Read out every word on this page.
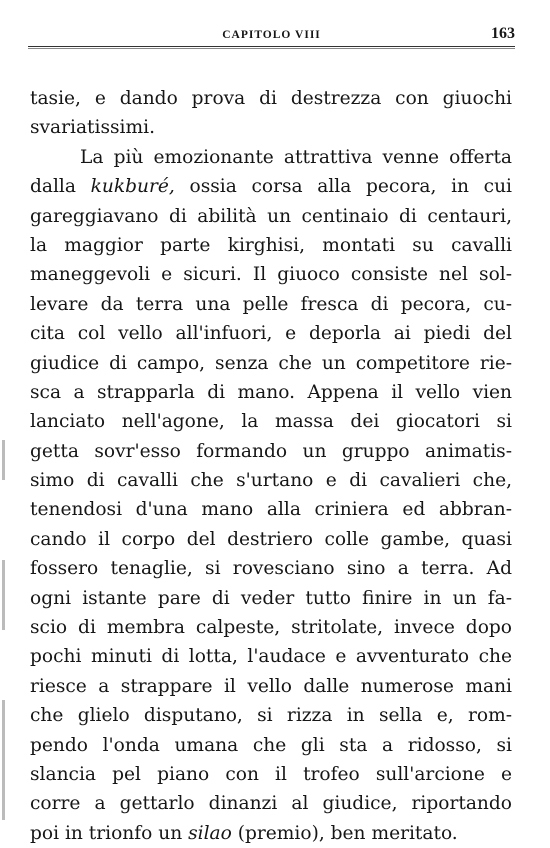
CAPITOLO VIII	163
tasie, e dando prova di destrezza con giuochi
svariatissimi.
La più emozionante attrattiva venne offerta
dalla kukburé, ossia corsa alla pecora, in cui
gareggiavano di abilità un centinaio di centauri,
la maggior parte kirghisi, montati su cavalli
maneggevoli e sicuri. Il giuoco consiste nel sol-
levare da terra una pelle fresca di pecora, cu-
cita col vello all'infuori, e deporla ai piedi del
giudice di campo, senza che un competitore rie-
sca a strapparla di mano. Appena il vello vien
lanciato nell'agone, la massa dei giocatori si
getta sovr'esso formando un gruppo animatis-
simo di cavalli che s'urtano e di cavalieri che,
tenendosi d'una mano alla criniera ed abbran-
cando il corpo del destriero colle gambe, quasi
fossero tenaglie, si rovesciano sino a terra. Ad
ogni istante pare di veder tutto finire in un fa-
scio di membra calpeste, stritolate, invece dopo
pochi minuti di lotta, l'audace e avventurato che
riesce a strappare il vello dalle numerose mani
che glielo disputano, si rizza in sella e, rom-
pendo l'onda umana che gli sta a ridosso, si
slancia pel piano con il trofeo sull'arcione e
corre a gettarlo dinanzi al giudice, riportando
poi in trionfo un silao (premio), ben meritato.
